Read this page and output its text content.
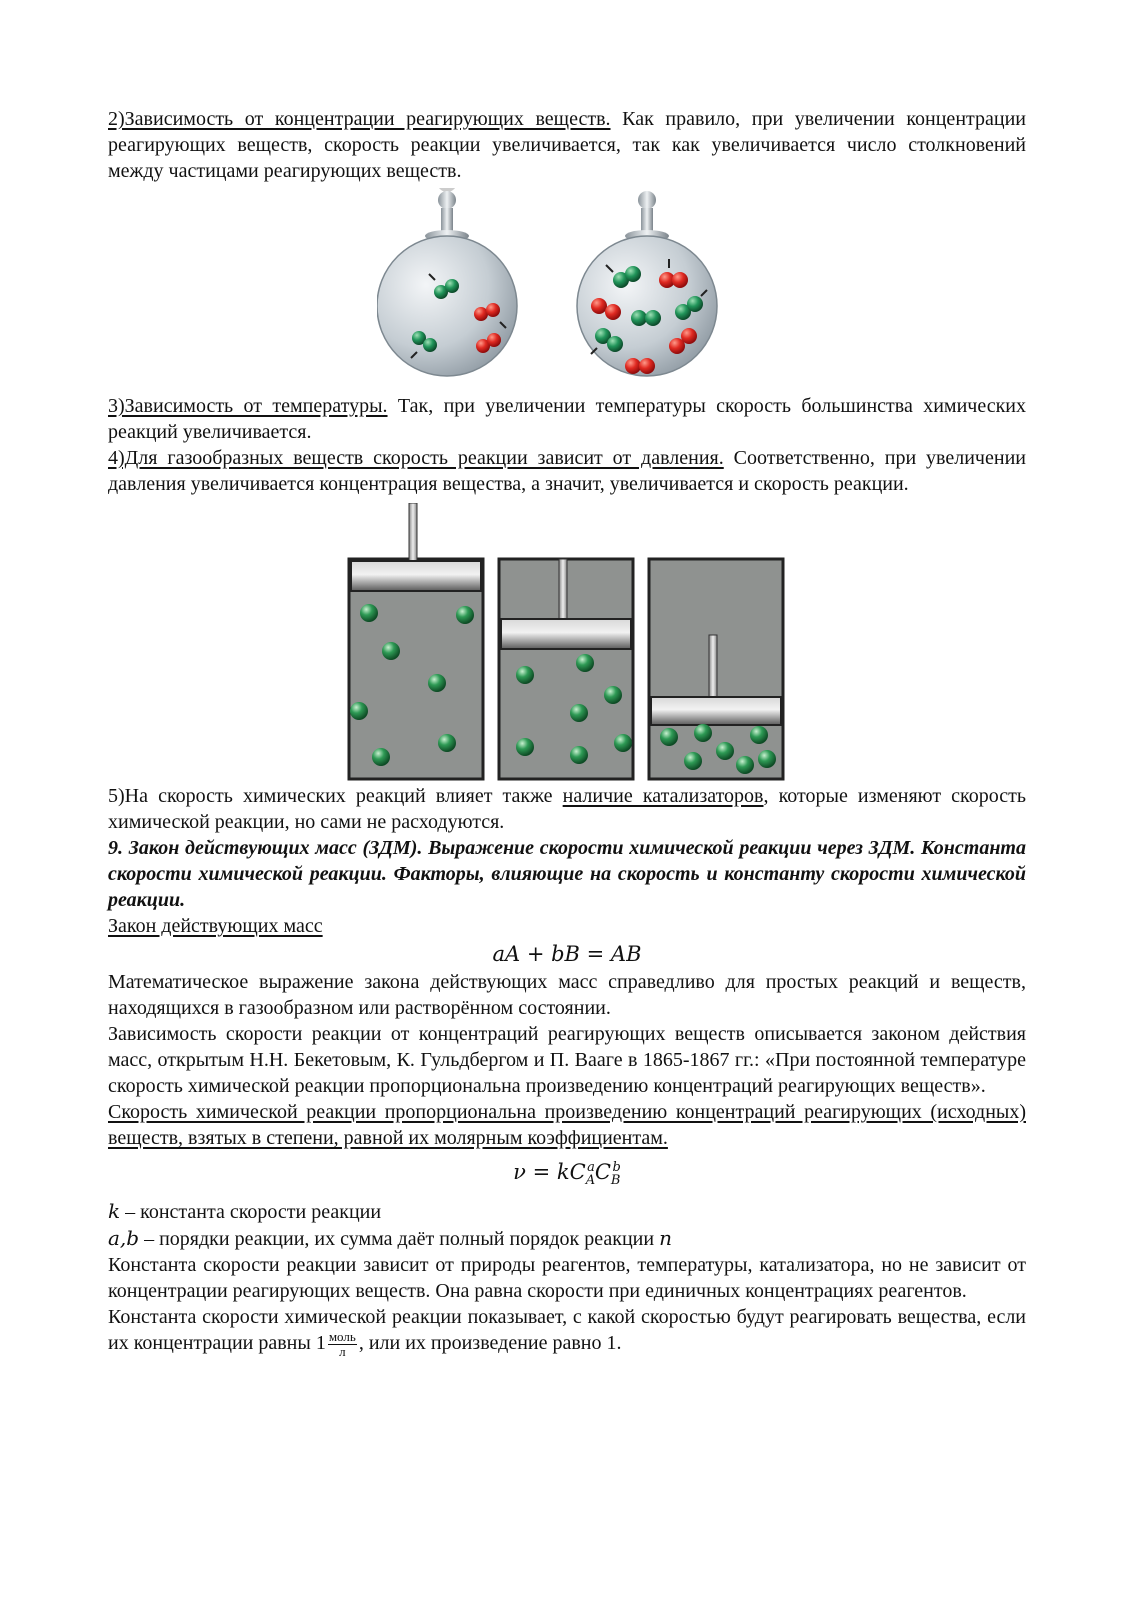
2)Зависимость от концентрации реагирующих веществ. Как правило, при увеличении концентрации реагирующих веществ, скорость реакции увеличивается, так как увеличивается число столкновений между частицами реагирующих веществ.

3)Зависимость от температуры. Так, при увеличении температуры скорость большинства химических реакций увеличивается.

4)Для газообразных веществ скорость реакции зависит от давления. Соответственно, при увеличении давления увеличивается концентрация вещества, а значит, увеличивается и скорость реакции.

5)На скорость химических реакций влияет также наличие катализаторов, которые изменяют скорость химической реакции, но сами не расходуются.

9. Закон действующих масс (ЗДМ). Выражение скорости химической реакции через ЗДМ. Константа скорости химической реакции. Факторы, влияющие на скорость и константу скорости химической реакции.

Закон действующих масс

aA + bB = AB

Математическое выражение закона действующих масс справедливо для простых реакций и веществ, находящихся в газообразном или растворённом состоянии.

Зависимость скорости реакции от концентраций реагирующих веществ описывается законом действия масс, открытым Н.Н. Бекетовым, К. Гульдбергом и П. Вааге в 1865-1867 гг.: «При постоянной температуре скорость химической реакции пропорциональна произведению концентраций реагирующих веществ».

Скорость химической реакции пропорциональна произведению концентраций реагирующих (исходных) веществ, взятых в степени, равной их молярным коэффициентам.

$\nu = kC_A^aC_B^b$

k – константа скорости реакции

a,b – порядки реакции, их сумма даёт полный порядок реакции n

Константа скорости реакции зависит от природы реагентов, температуры, катализатора, но не зависит от концентрации реагирующих веществ. Она равна скорости при единичных концентрациях реагентов.

Константа скорости химической реакции показывает, с какой скоростью будут реагировать вещества, если их концентрации равны $1 \frac{\text{моль}}{л}$ , или их произведение равно 1.
